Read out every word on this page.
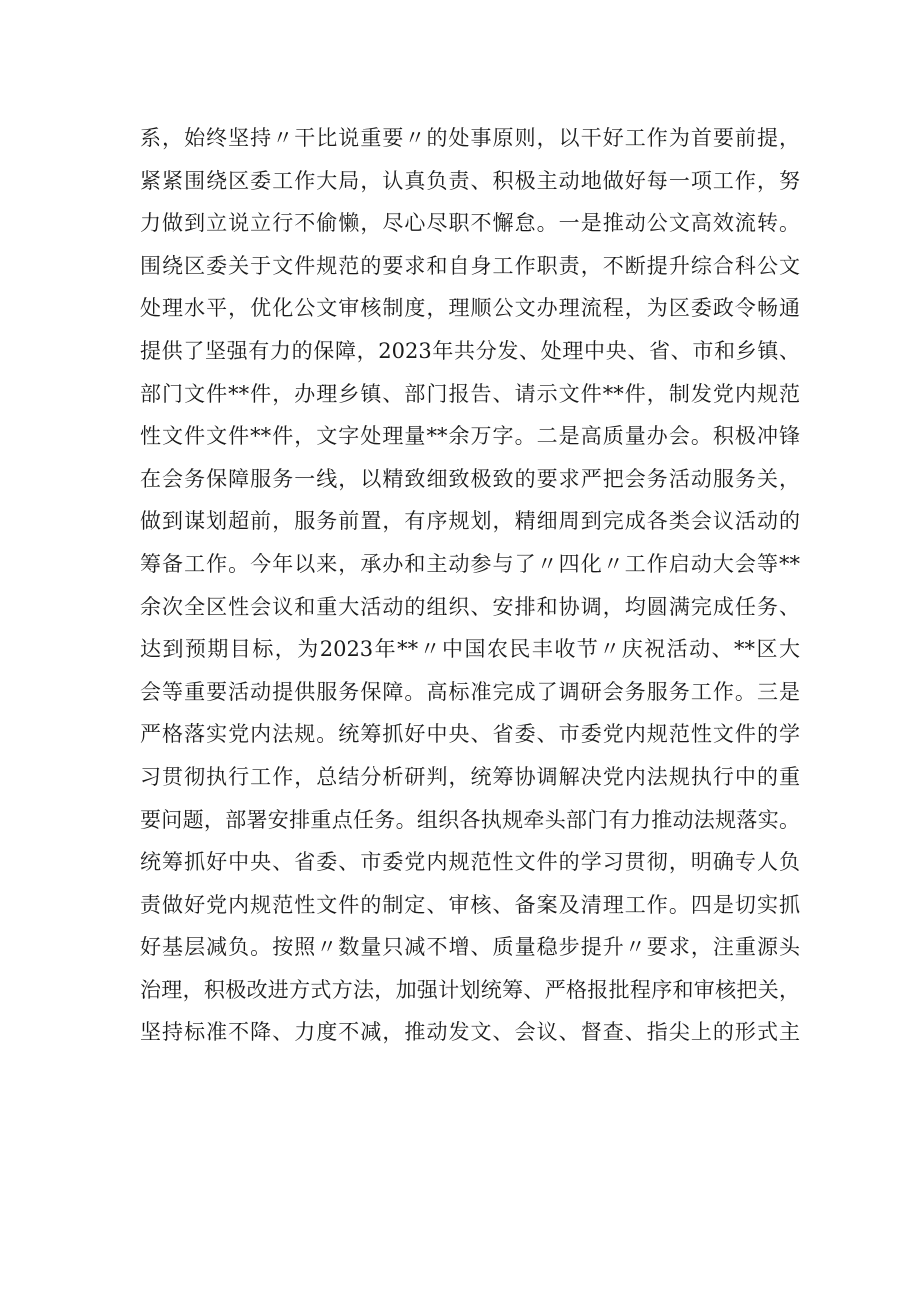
系，始终坚持〃干比说重要〃的处事原则，以干好工作为首要前提，
紧紧围绕区委工作大局，认真负责、积极主动地做好每一项工作，努
力做到立说立行不偷懒，尽心尽职不懈怠。一是推动公文高效流转。
围绕区委关于文件规范的要求和自身工作职责，不断提升综合科公文
处理水平，优化公文审核制度，理顺公文办理流程，为区委政令畅通
提供了坚强有力的保障，2023年共分发、处理中央、省、市和乡镇、
部门文件**件，办理乡镇、部门报告、请示文件**件，制发党内规范
性文件文件**件，文字处理量**余万字。二是高质量办会。积极冲锋
在会务保障服务一线，以精致细致极致的要求严把会务活动服务关，
做到谋划超前，服务前置，有序规划，精细周到完成各类会议活动的
筹备工作。今年以来，承办和主动参与了〃四化〃工作启动大会等**
余次全区性会议和重大活动的组织、安排和协调，均圆满完成任务、
达到预期目标，为2023年**〃中国农民丰收节〃庆祝活动、**区大
会等重要活动提供服务保障。高标准完成了调研会务服务工作。三是
严格落实党内法规。统筹抓好中央、省委、市委党内规范性文件的学
习贯彻执行工作，总结分析研判，统筹协调解决党内法规执行中的重
要问题，部署安排重点任务。组织各执规牵头部门有力推动法规落实。
统筹抓好中央、省委、市委党内规范性文件的学习贯彻，明确专人负
责做好党内规范性文件的制定、审核、备案及清理工作。四是切实抓
好基层减负。按照〃数量只减不增、质量稳步提升〃要求，注重源头
治理，积极改进方式方法，加强计划统筹、严格报批程序和审核把关，
坚持标准不降、力度不减，推动发文、会议、督查、指尖上的形式主
